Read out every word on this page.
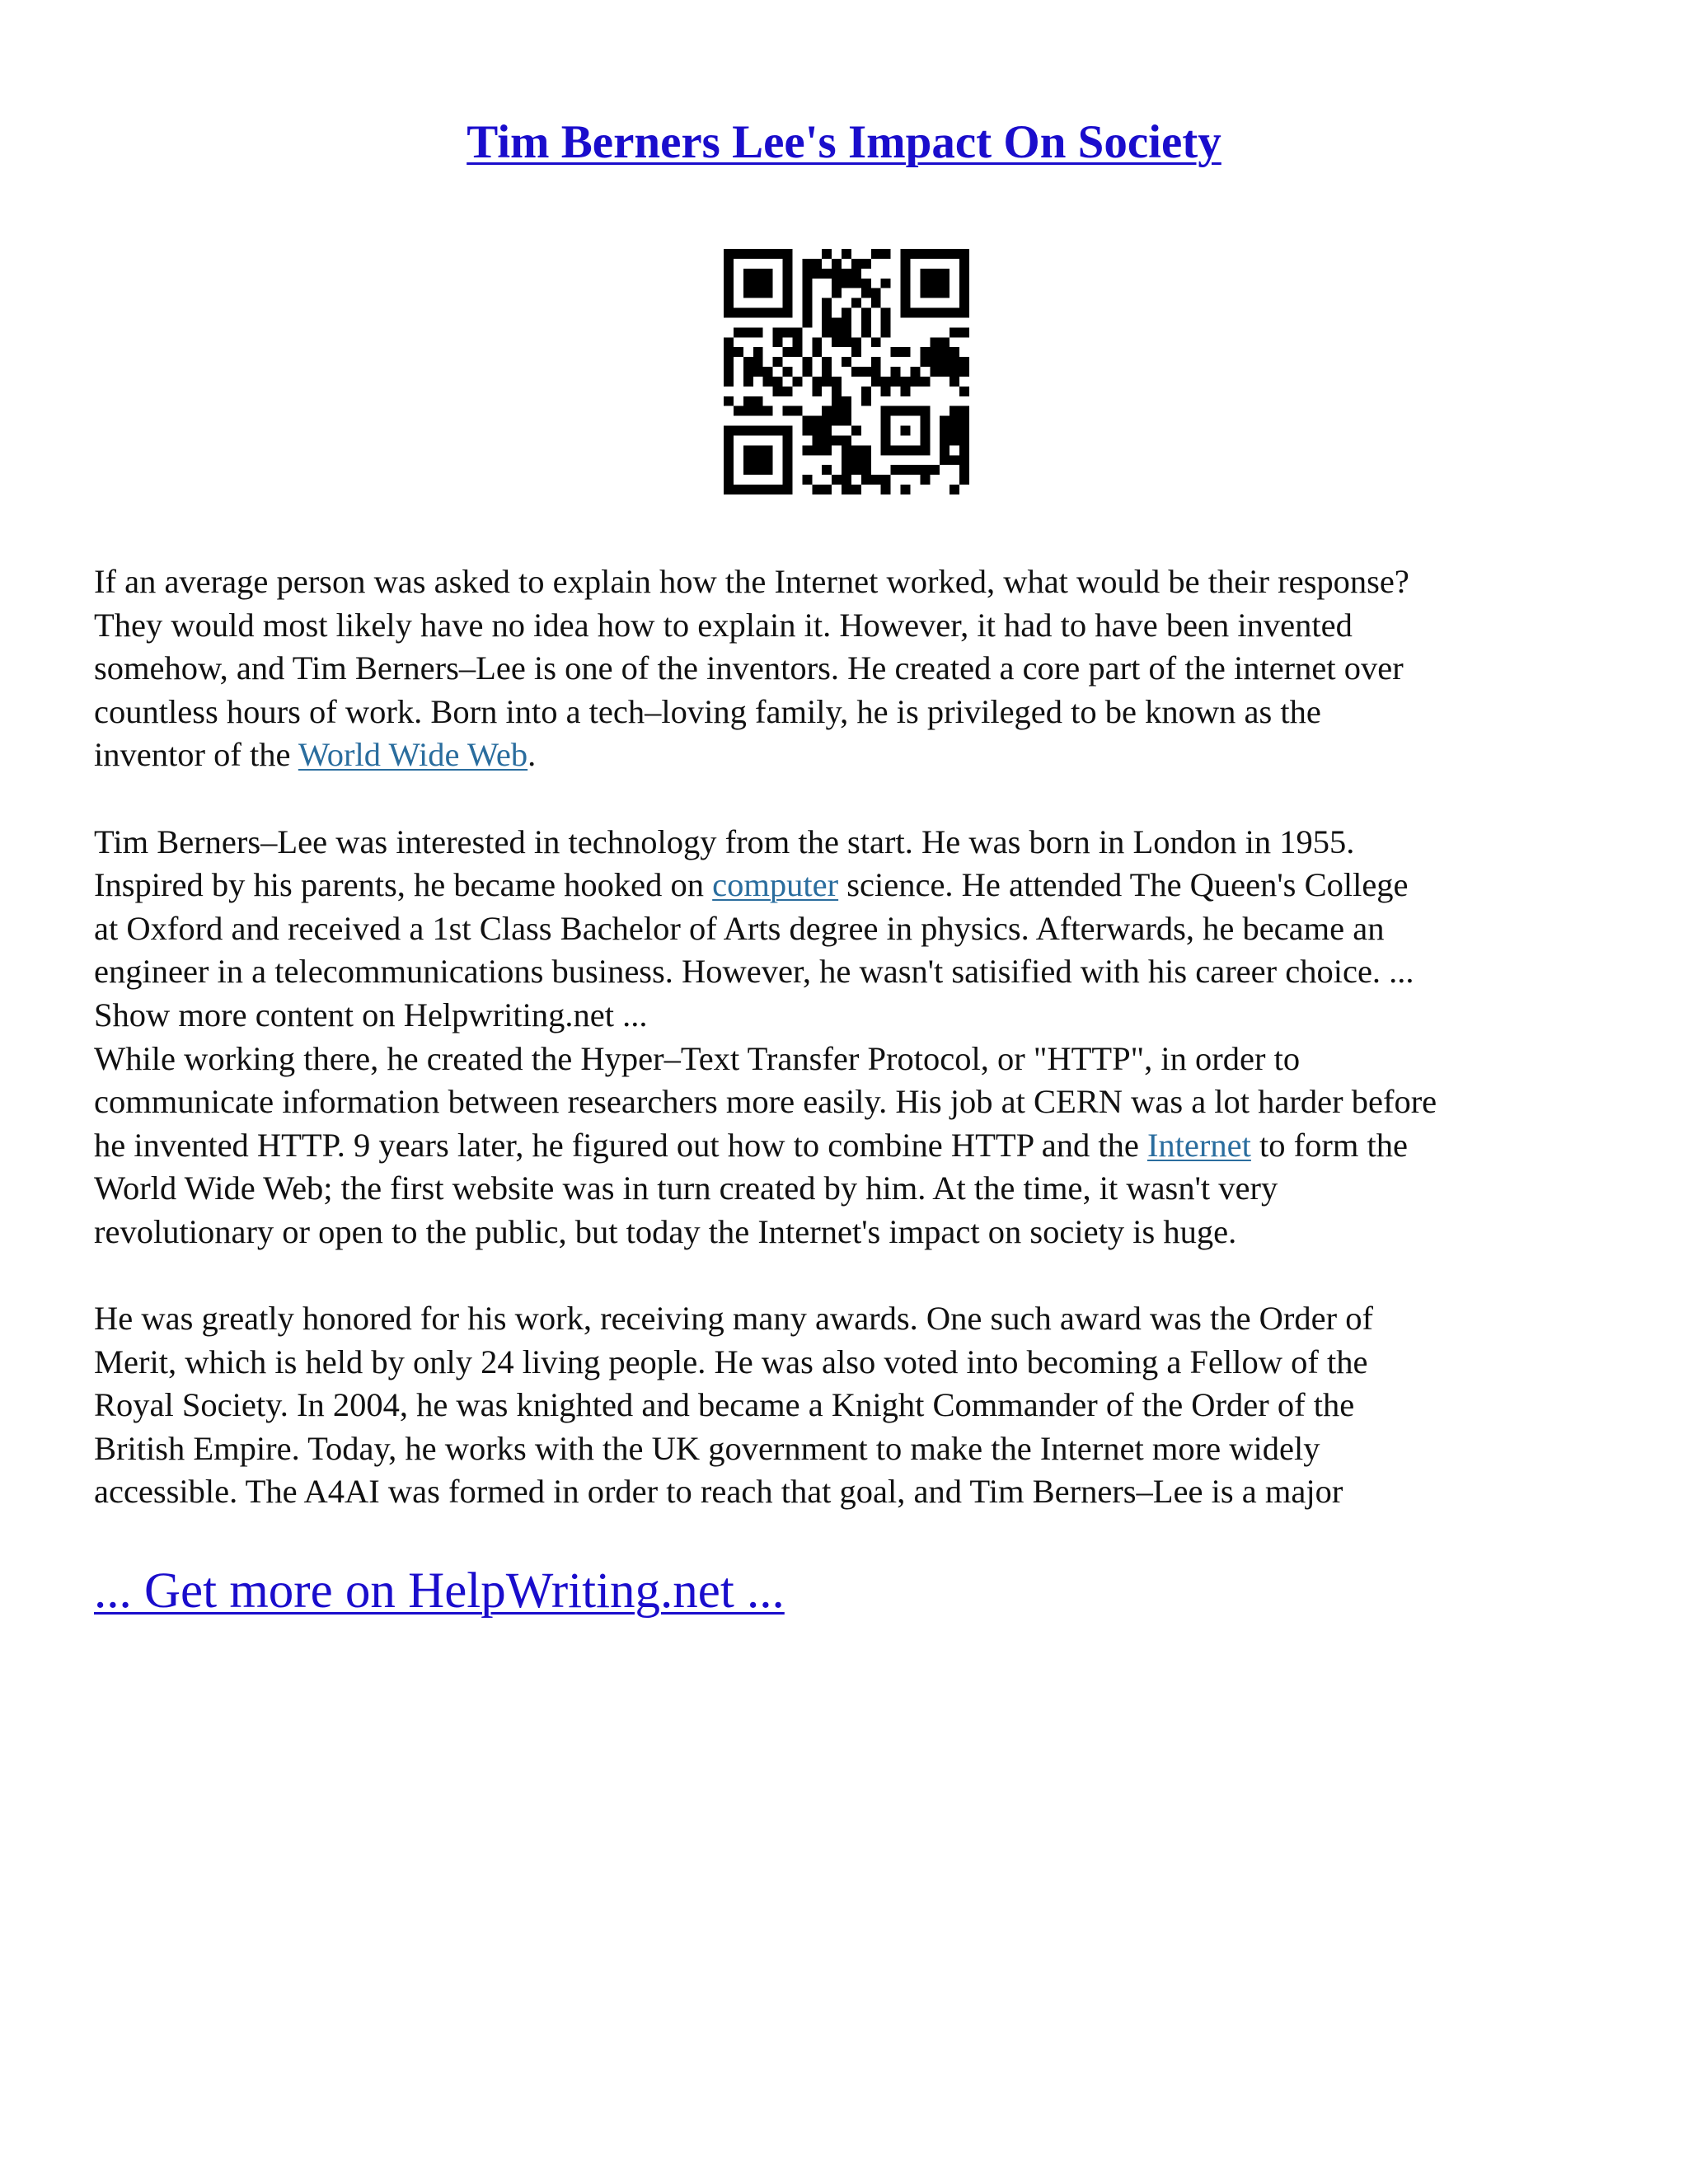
Tim Berners Lee's Impact On Society

If an average person was asked to explain how the Internet worked, what would be their response?

They would most likely have no idea how to explain it. However, it had to have been invented

somehow, and Tim Berners–Lee is one of the inventors. He created a core part of the internet over

countless hours of work. Born into a tech–loving family, he is privileged to be known as the

inventor of the World Wide Web.

Tim Berners–Lee was interested in technology from the start. He was born in London in 1955.

Inspired by his parents, he became hooked on computer science. He attended The Queen's College

at Oxford and received a 1st Class Bachelor of Arts degree in physics. Afterwards, he became an

engineer in a telecommunications business. However, he wasn't satisified with his career choice. ...

Show more content on Helpwriting.net ...

While working there, he created the Hyper–Text Transfer Protocol, or "HTTP", in order to

communicate information between researchers more easily. His job at CERN was a lot harder before

he invented HTTP. 9 years later, he figured out how to combine HTTP and the Internet to form the

World Wide Web; the first website was in turn created by him. At the time, it wasn't very

revolutionary or open to the public, but today the Internet's impact on society is huge.

He was greatly honored for his work, receiving many awards. One such award was the Order of

Merit, which is held by only 24 living people. He was also voted into becoming a Fellow of the

Royal Society. In 2004, he was knighted and became a Knight Commander of the Order of the

British Empire. Today, he works with the UK government to make the Internet more widely

accessible. The A4AI was formed in order to reach that goal, and Tim Berners–Lee is a major

... Get more on HelpWriting.net ...
